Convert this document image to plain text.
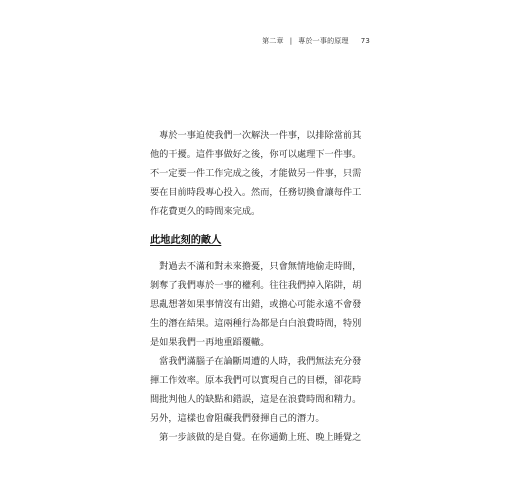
第二章 | 專於一事的原理 73
　專於一事迫使我們一次解決一件事，以排除當前其
他的干擾。這件事做好之後，你可以處理下一件事。
不一定要一件工作完成之後，才能做另一件事，只需
要在目前時段專心投入。然而，任務切換會讓每件工
作花費更久的時間來完成。
此地此刻的敵人
　對過去不滿和對未來擔憂，只會無情地偷走時間，
剝奪了我們專於一事的權利。往往我們掉入陷阱，胡
思亂想著如果事情沒有出錯，或擔心可能永遠不會發
生的潛在結果。這兩種行為都是白白浪費時間，特別
是如果我們一再地重蹈覆轍。
　當我們滿腦子在論斷周遭的人時，我們無法充分發
揮工作效率。原本我們可以實現自己的目標，卻花時
間批判他人的缺點和錯誤，這是在浪費時間和精力。
另外，這樣也會阻礙我們發揮自己的潛力。
　第一步該做的是自覺。在你通勤上班、晚上睡覺之
